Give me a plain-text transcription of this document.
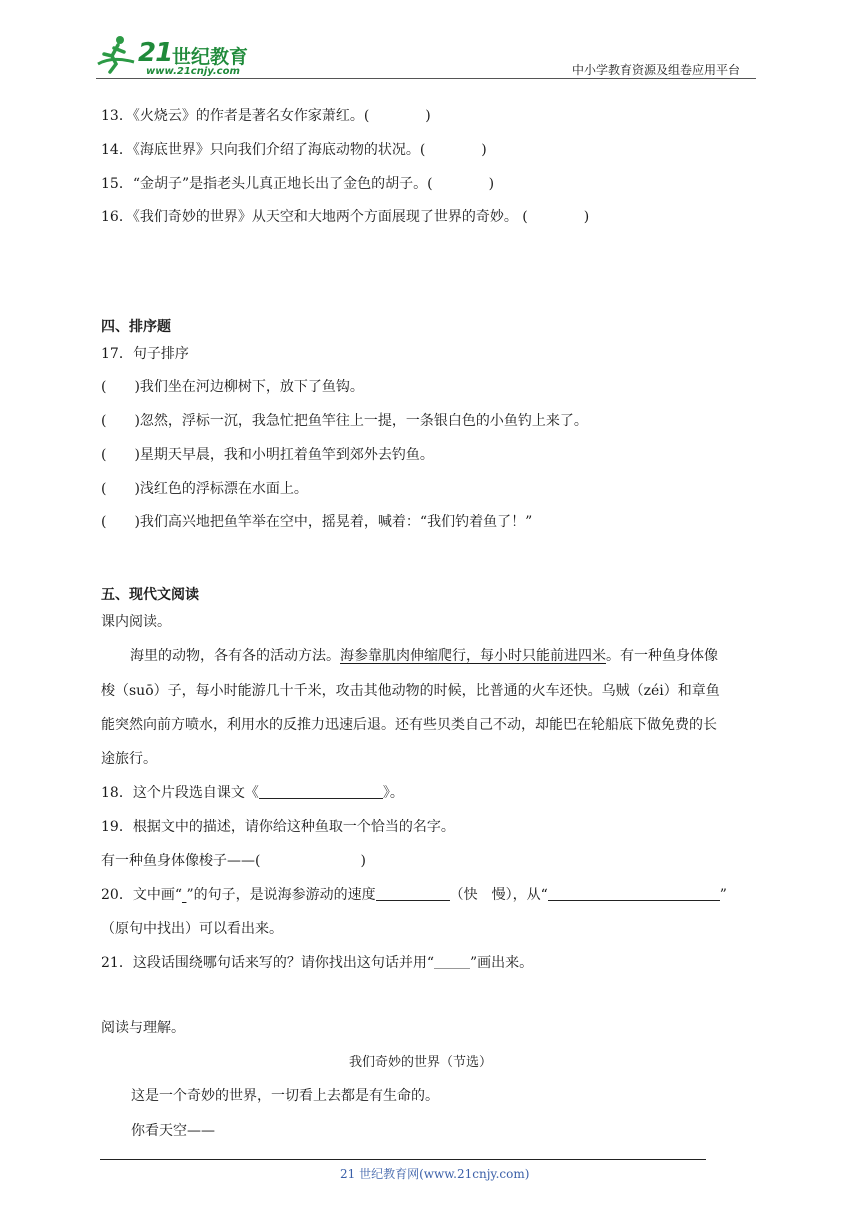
21 世纪教育
www.21cnjy.com	中小学教育资源及组卷应用平台
13．《火烧云》的作者是著名女作家萧红。(　　　　)
14．《海底世界》只向我们介绍了海底动物的状况。(　　　　)
15．“金胡子”是指老头儿真正地长出了金色的胡子。(　　　　)
16．《我们奇妙的世界》从天空和大地两个方面展现了世界的奇妙。 (　　　　)
四、排序题
17．句子排序
(　　)我们坐在河边柳树下，放下了鱼钩。
(　　)忽然，浮标一沉，我急忙把鱼竿往上一提，一条银白色的小鱼钓上来了。
(　　)星期天早晨，我和小明扛着鱼竿到郊外去钓鱼。
(　　)浅红色的浮标漂在水面上。
(　　)我们高兴地把鱼竿举在空中，摇晃着，喊着：“我们钓着鱼了！”
五、现代文阅读
课内阅读。
海里的动物，各有各的活动方法。海参靠肌肉伸缩爬行，每小时只能前进四米。有一种鱼身体像
梭（suō）子，每小时能游几十千米，攻击其他动物的时候，比普通的火车还快。乌贼（zéi）和章鱼
能突然向前方喷水，利用水的反推力迅速后退。还有些贝类自己不动，却能巴在轮船底下做免费的长
途旅行。
18．这个片段选自课文《	》。
19．根据文中的描述，请你给这种鱼取一个恰当的名字。
有一种鱼身体像梭子——(	)
20．文中画“ ”的句子，是说海参游动的速度	（快　慢），从“	”
（原句中找出）可以看出来。
21．这段话围绕哪句话来写的？请你找出这句话并用“	”画出来。
阅读与理解。
我们奇妙的世界（节选）
这是一个奇妙的世界，一切看上去都是有生命的。
你看天空——
21 世纪教育网(www.21cnjy.com)
